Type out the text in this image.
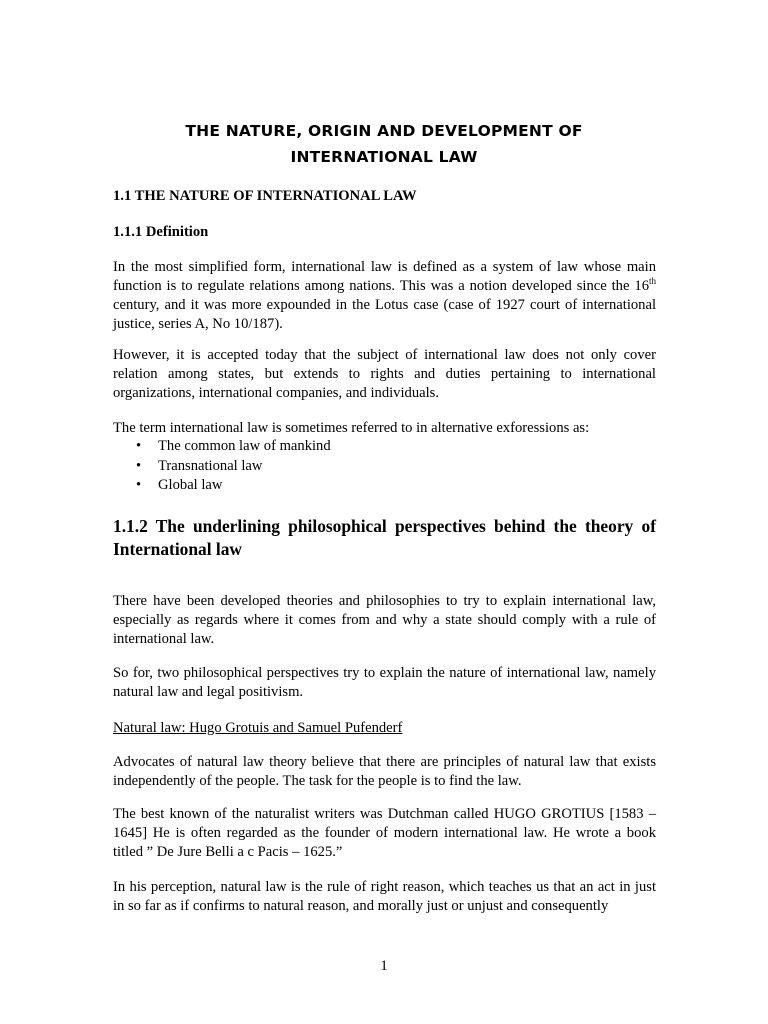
THE NATURE, ORIGIN AND DEVELOPMENT OF
INTERNATIONAL LAW
1.1 THE NATURE OF INTERNATIONAL LAW
1.1.1 Definition
In the most simplified form, international law is defined as a system of law whose main function is to regulate relations among nations. This was a notion developed since the 16th century, and it was more expounded in the Lotus case (case of 1927 court of international justice, series A, No 10/187).
However, it is accepted today that the subject of international law does not only cover relation among states, but extends to rights and duties pertaining to international organizations, international companies, and individuals.
The term international law is sometimes referred to in alternative exforessions as:
• The common law of mankind
• Transnational law
• Global law
1.1.2 The underlining philosophical perspectives behind the theory of International law
There have been developed theories and philosophies to try to explain international law, especially as regards where it comes from and why a state should comply with a rule of international law.
So for, two philosophical perspectives try to explain the nature of international law, namely natural law and legal positivism.
Natural law: Hugo Grotuis and Samuel Pufenderf
Advocates of natural law theory believe that there are principles of natural law that exists independently of the people. The task for the people is to find the law.
The best known of the naturalist writers was Dutchman called HUGO GROTIUS [1583 – 1645] He is often regarded as the founder of modern international law. He wrote a book titled ” De Jure Belli a c Pacis – 1625.”
In his perception, natural law is the rule of right reason, which teaches us that an act in just in so far as if confirms to natural reason, and morally just or unjust and consequently
1
